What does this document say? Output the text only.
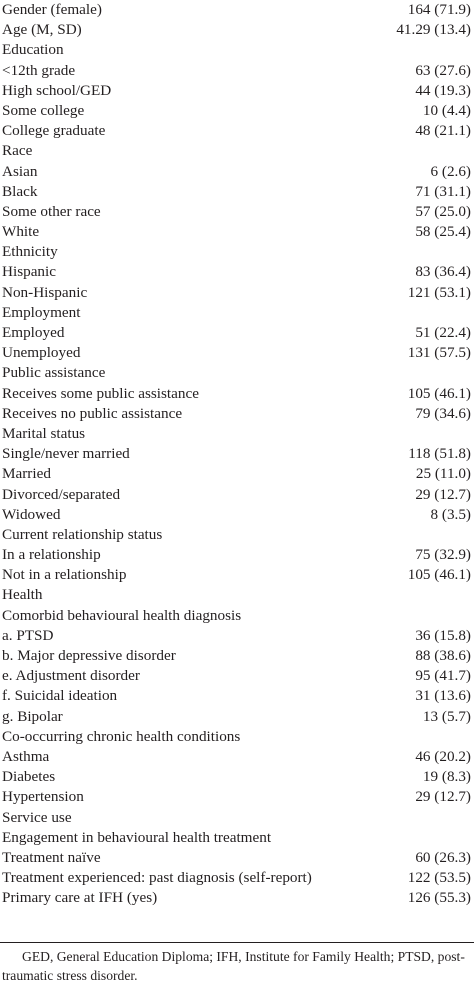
Gender (female)	164 (71.9)
Age (M, SD)	41.29 (13.4)
Education
<12th grade	63 (27.6)
High school/GED	44 (19.3)
Some college	10 (4.4)
College graduate	48 (21.1)
Race
Asian	6 (2.6)
Black	71 (31.1)
Some other race	57 (25.0)
White	58 (25.4)
Ethnicity
Hispanic	83 (36.4)
Non-Hispanic	121 (53.1)
Employment
Employed	51 (22.4)
Unemployed	131 (57.5)
Public assistance
Receives some public assistance	105 (46.1)
Receives no public assistance	79 (34.6)
Marital status
Single/never married	118 (51.8)
Married	25 (11.0)
Divorced/separated	29 (12.7)
Widowed	8 (3.5)
Current relationship status
In a relationship	75 (32.9)
Not in a relationship	105 (46.1)
Health
Comorbid behavioural health diagnosis
a. PTSD	36 (15.8)
b. Major depressive disorder	88 (38.6)
e. Adjustment disorder	95 (41.7)
f. Suicidal ideation	31 (13.6)
g. Bipolar	13 (5.7)
Co-occurring chronic health conditions
Asthma	46 (20.2)
Diabetes	19 (8.3)
Hypertension	29 (12.7)
Service use
Engagement in behavioural health treatment
Treatment naïve	60 (26.3)
Treatment experienced: past diagnosis (self-report)	122 (53.5)
Primary care at IFH (yes)	126 (55.3)
GED, General Education Diploma; IFH, Institute for Family Health; PTSD, post-traumatic stress disorder.
